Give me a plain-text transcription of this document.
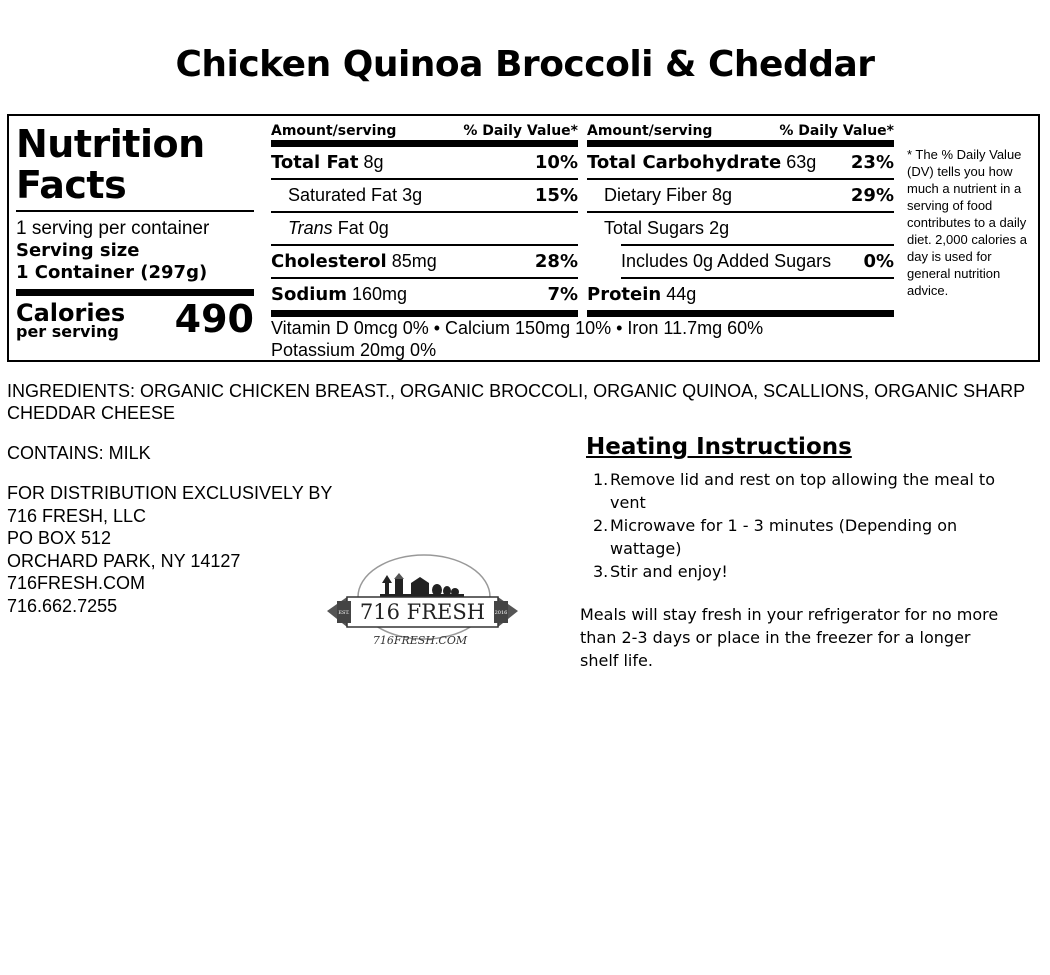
Chicken Quinoa Broccoli & Cheddar
Nutrition
Facts
1 serving per container
Serving size
1 Container (297g)
Calories
per serving 490
Amount/serving	% Daily Value*
Total Fat 8g	10%
Saturated Fat 3g	15%
Trans Fat 0g
Cholesterol 85mg	28%
Sodium 160mg	7%
Amount/serving	% Daily Value*
Total Carbohydrate 63g 23%
Dietary Fiber 8g	29%
Total Sugars 2g
Includes 0g Added Sugars 0%
Protein 44g
Vitamin D 0mcg 0% • Calcium 150mg 10% • Iron 11.7mg 60%
Potassium 20mg 0%
* The % Daily Value (DV) tells you how much a nutrient in a serving of food contributes to a daily diet. 2,000 calories a day is used for general nutrition advice.
INGREDIENTS: ORGANIC CHICKEN BREAST., ORGANIC BROCCOLI, ORGANIC QUINOA, SCALLIONS, ORGANIC SHARP CHEDDAR CHEESE
CONTAINS: MILK
FOR DISTRIBUTION EXCLUSIVELY BY
716 FRESH, LLC
PO BOX 512
ORCHARD PARK, NY 14127
716FRESH.COM
716.662.7255	EST.	2016
716 FRESH
716FRESH.COM
Heating Instructions
1. Remove lid and rest on top allowing the meal to vent
2. Microwave for 1 - 3 minutes (Depending on wattage)
3. Stir and enjoy!
Meals will stay fresh in your refrigerator for no more than 2-3 days or place in the freezer for a longer shelf life.
